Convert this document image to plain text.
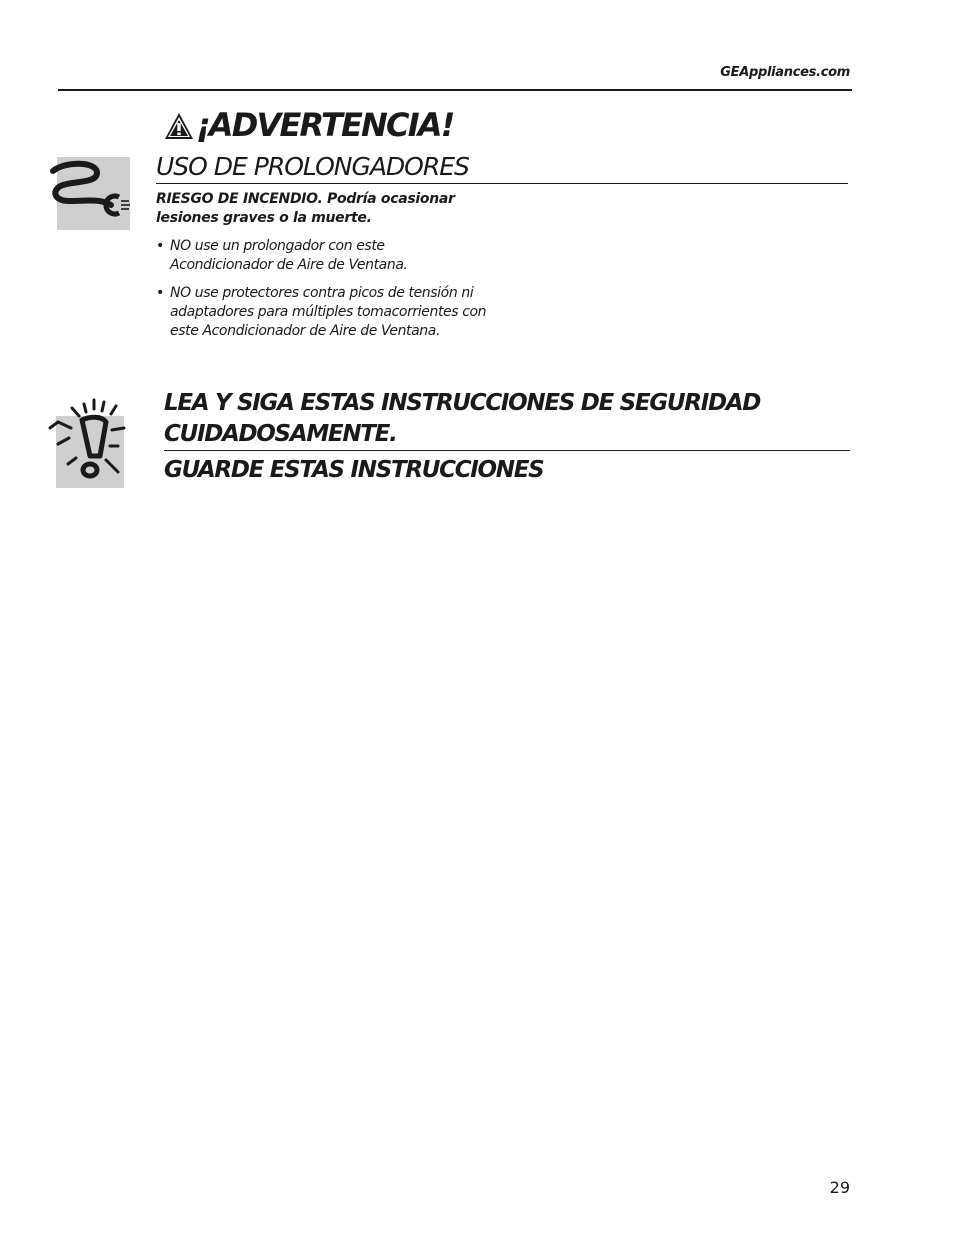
GEAppliances.com
¡ADVERTENCIA!
USO DE PROLONGADORES
RIESGO DE INCENDIO. Podría ocasionar
lesiones graves o la muerte.
• NO use un prolongador con este
Acondicionador de Aire de Ventana.
• NO use protectores contra picos de tensión ni
adaptadores para múltiples tomacorrientes con
este Acondicionador de Aire de Ventana.
LEA Y SIGA ESTAS INSTRUCCIONES DE SEGURIDAD
CUIDADOSAMENTE.
GUARDE ESTAS INSTRUCCIONES
29
